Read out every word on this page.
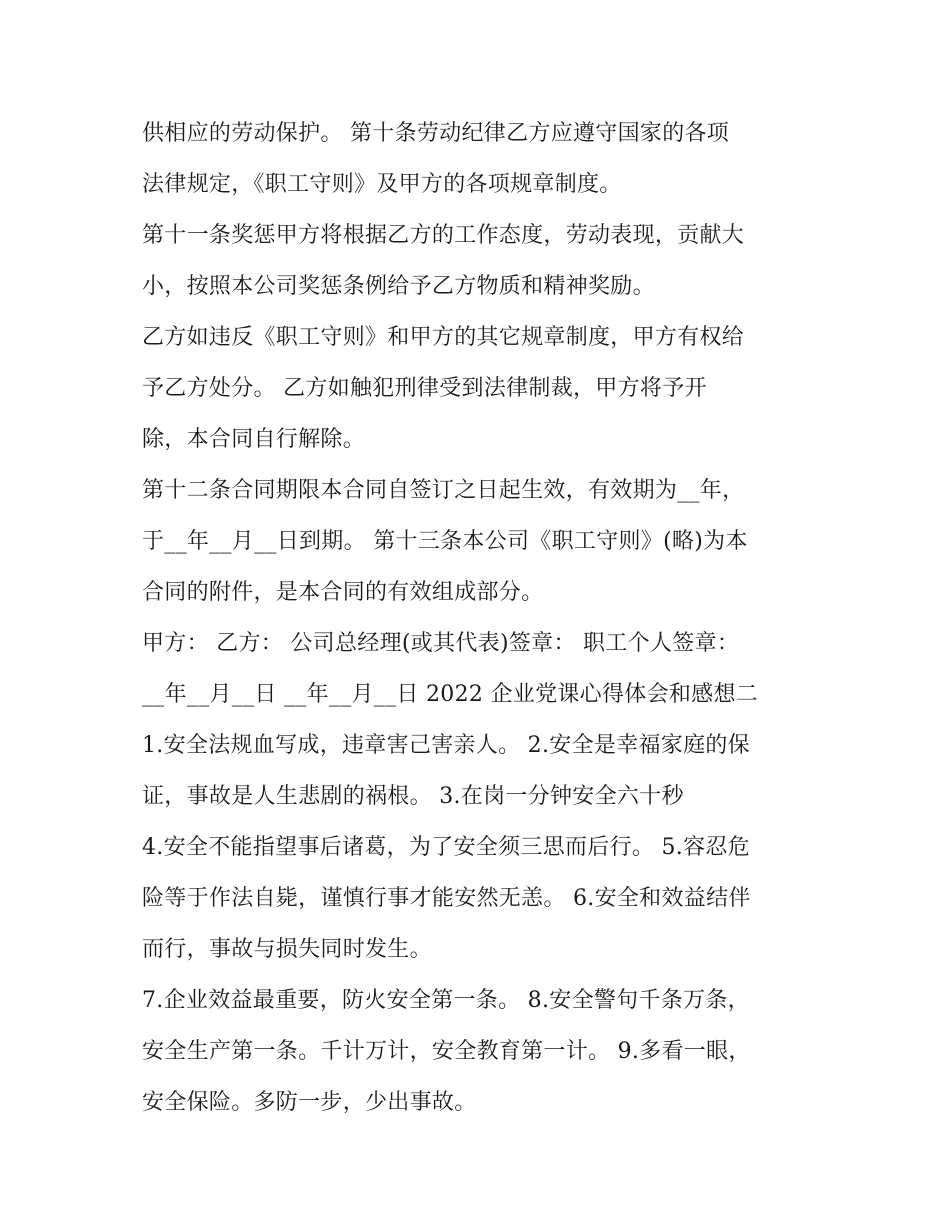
供相应的劳动保护。 第十条劳动纪律乙方应遵守国家的各项
法律规定，《职工守则》及甲方的各项规章制度。
第十一条奖惩甲方将根据乙方的工作态度，劳动表现，贡献大
小，按照本公司奖惩条例给予乙方物质和精神奖励。
乙方如违反《职工守则》和甲方的其它规章制度，甲方有权给
予乙方处分。 乙方如触犯刑律受到法律制裁，甲方将予开
除，本合同自行解除。
第十二条合同期限本合同自签订之日起生效，有效期为__年，
于__年__月__日到期。 第十三条本公司《职工守则》(略)为本
合同的附件，是本合同的有效组成部分。
甲方： 乙方： 公司总经理(或其代表)签章： 职工个人签章：
__年__月__日 __年__月__日 2022 企业党课心得体会和感想二
1.安全法规血写成，违章害己害亲人。 2.安全是幸福家庭的保
证，事故是人生悲剧的祸根。 3.在岗一分钟安全六十秒
4.安全不能指望事后诸葛，为了安全须三思而后行。 5.容忍危
险等于作法自毙，谨慎行事才能安然无恙。 6.安全和效益结伴
而行，事故与损失同时发生。
7.企业效益最重要，防火安全第一条。 8.安全警句千条万条，
安全生产第一条。千计万计，安全教育第一计。 9.多看一眼，
安全保险。多防一步，少出事故。
